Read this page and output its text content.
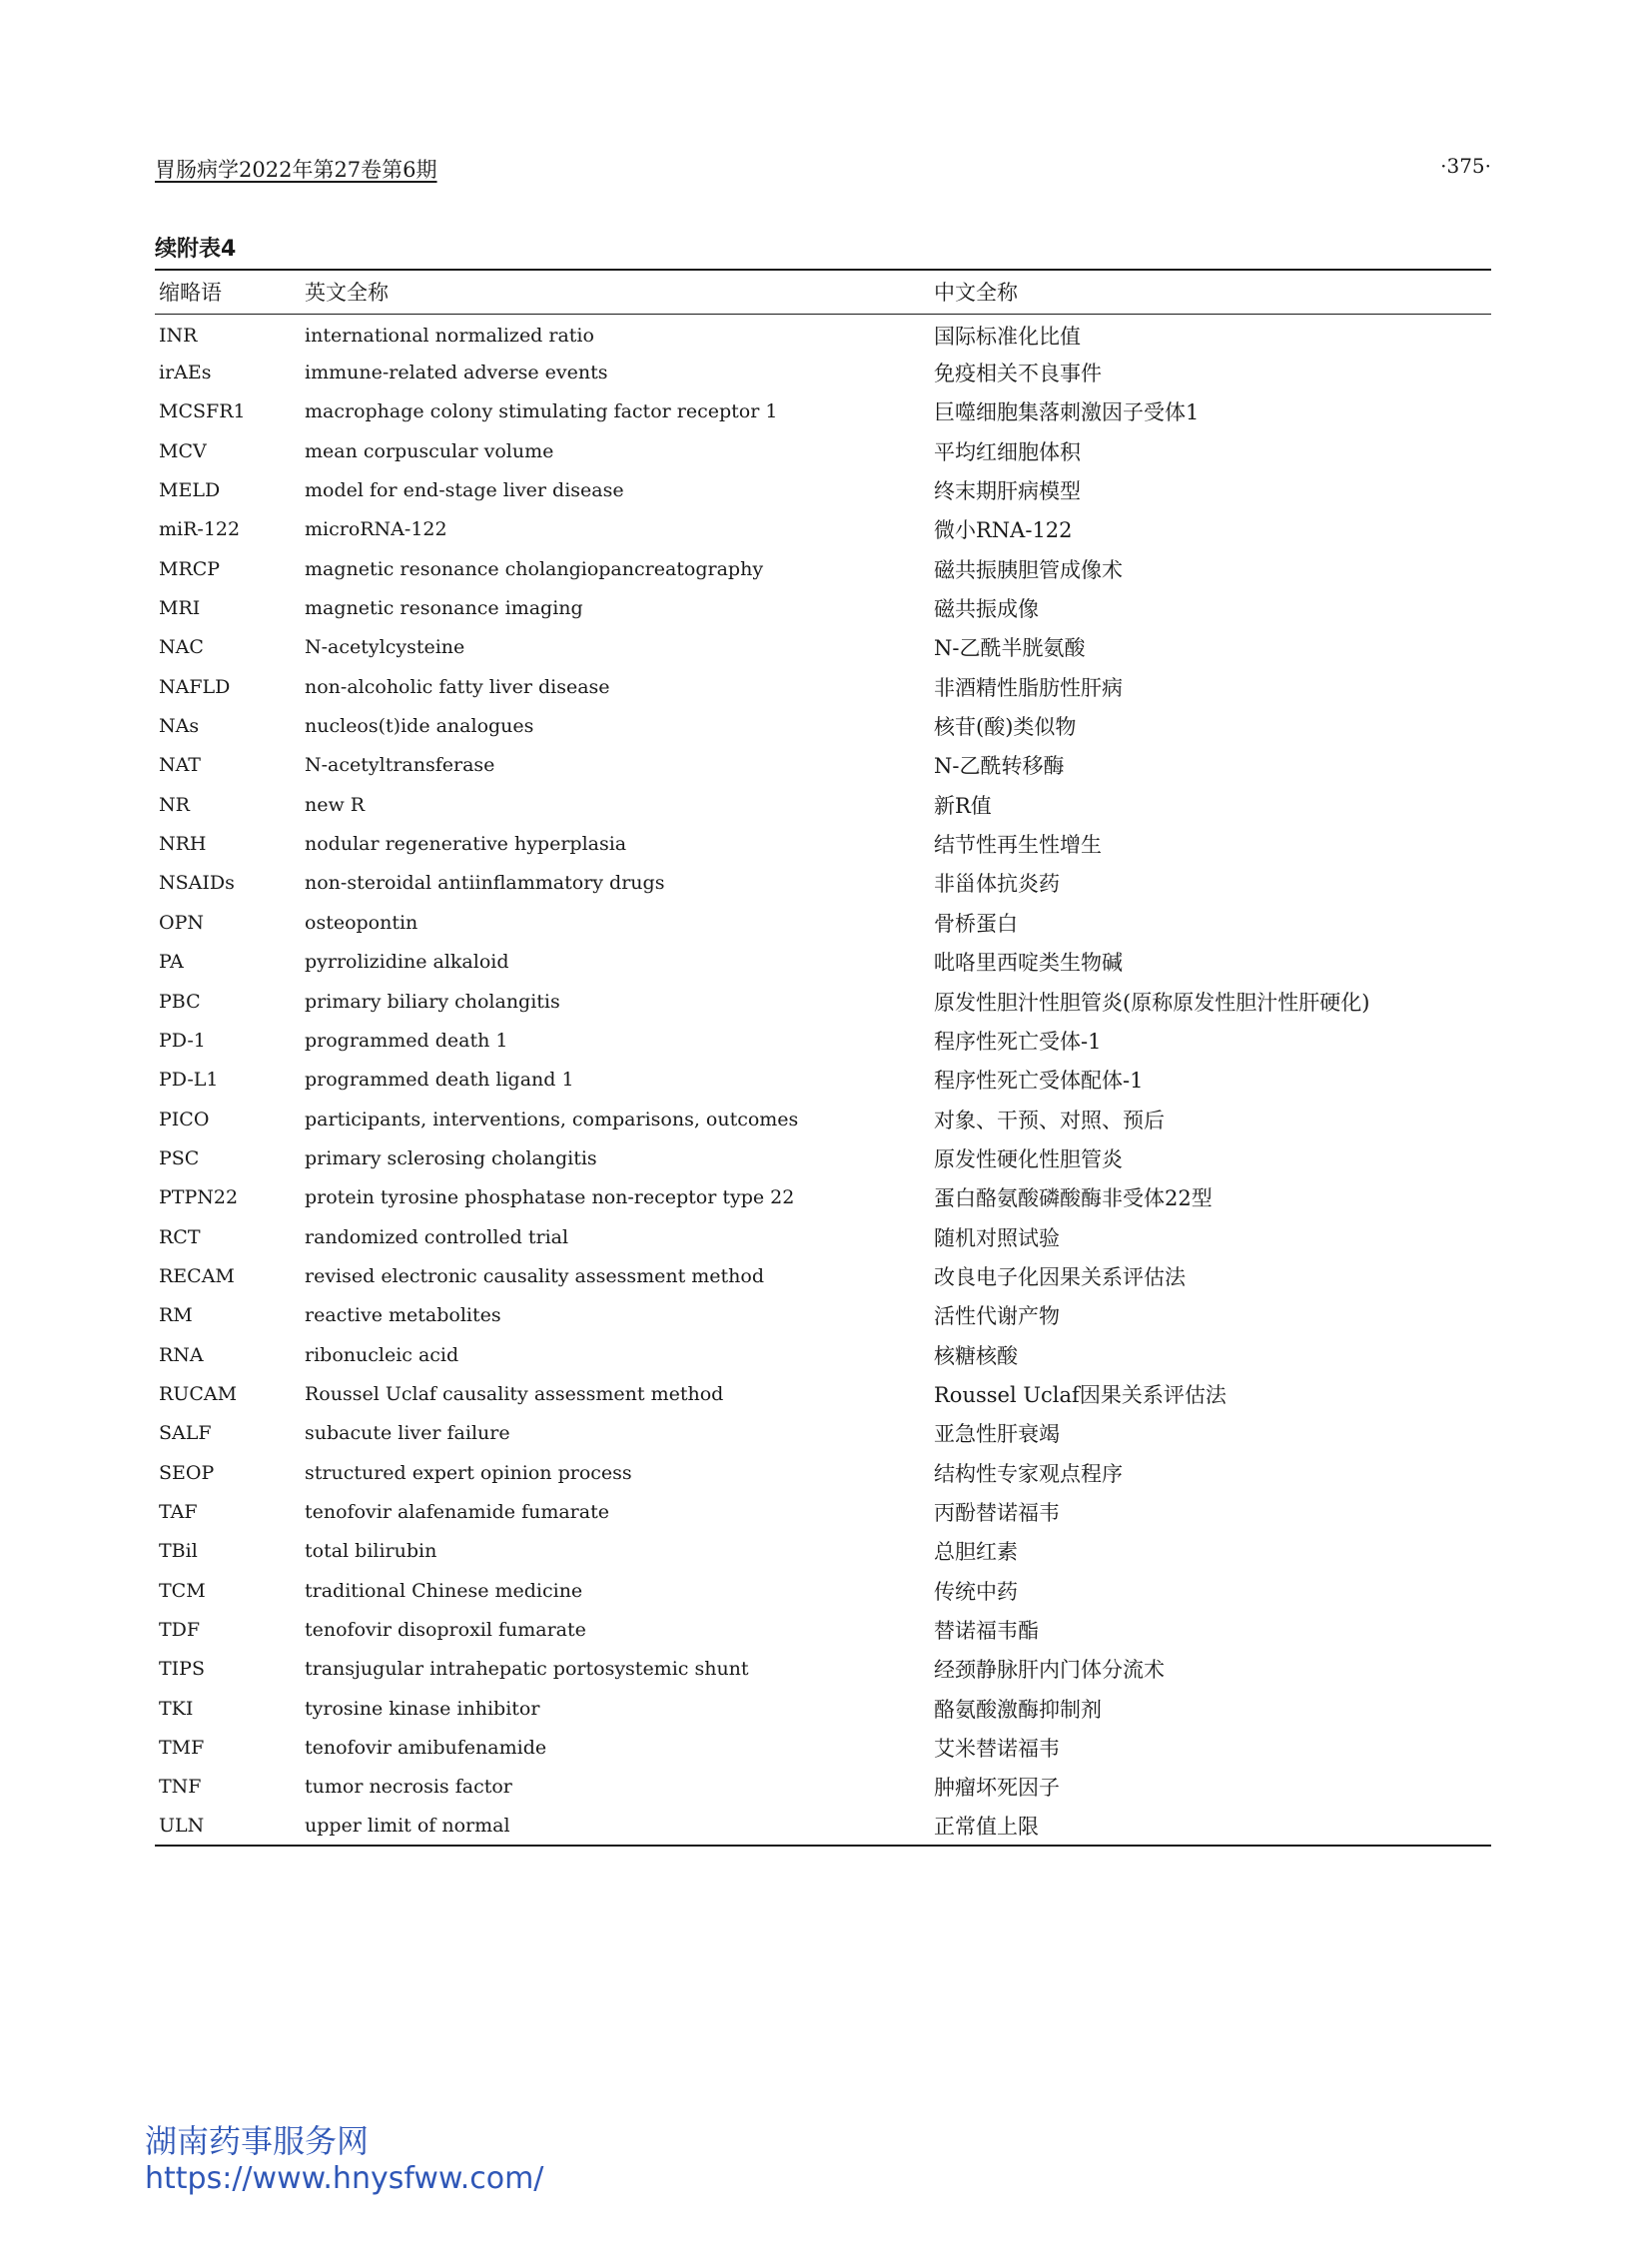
胃肠病学2022年第27卷第6期	·375·
续附表4
缩略语	英文全称	中文全称
INR	international normalized ratio	国际标准化比值
irAEs	immune-related adverse events	免疫相关不良事件
MCSFR1	macrophage colony stimulating factor receptor 1	巨噬细胞集落刺激因子受体1
MCV	mean corpuscular volume	平均红细胞体积
MELD	model for end-stage liver disease	终末期肝病模型
miR-122	microRNA-122	微小RNA-122
MRCP	magnetic resonance cholangiopancreatography	磁共振胰胆管成像术
MRI	magnetic resonance imaging	磁共振成像
NAC	N-acetylcysteine	N-乙酰半胱氨酸
NAFLD	non-alcoholic fatty liver disease	非酒精性脂肪性肝病
NAs	nucleos(t)ide analogues	核苷(酸)类似物
NAT	N-acetyltransferase	N-乙酰转移酶
NR	new R	新R值
NRH	nodular regenerative hyperplasia	结节性再生性增生
NSAIDs	non-steroidal antiinflammatory drugs	非甾体抗炎药
OPN	osteopontin	骨桥蛋白
PA	pyrrolizidine alkaloid	吡咯里西啶类生物碱
PBC	primary biliary cholangitis	原发性胆汁性胆管炎(原称原发性胆汁性肝硬化)
PD-1	programmed death 1	程序性死亡受体-1
PD-L1	programmed death ligand 1	程序性死亡受体配体-1
PICO	participants, interventions, comparisons, outcomes	对象、干预、对照、预后
PSC	primary sclerosing cholangitis	原发性硬化性胆管炎
PTPN22	protein tyrosine phosphatase non-receptor type 22	蛋白酪氨酸磷酸酶非受体22型
RCT	randomized controlled trial	随机对照试验
RECAM	revised electronic causality assessment method	改良电子化因果关系评估法
RM	reactive metabolites	活性代谢产物
RNA	ribonucleic acid	核糖核酸
RUCAM	Roussel Uclaf causality assessment method	Roussel Uclaf因果关系评估法
SALF	subacute liver failure	亚急性肝衰竭
SEOP	structured expert opinion process	结构性专家观点程序
TAF	tenofovir alafenamide fumarate	丙酚替诺福韦
TBil	total bilirubin	总胆红素
TCM	traditional Chinese medicine	传统中药
TDF	tenofovir disoproxil fumarate	替诺福韦酯
TIPS	transjugular intrahepatic portosystemic shunt	经颈静脉肝内门体分流术
TKI	tyrosine kinase inhibitor	酪氨酸激酶抑制剂
TMF	tenofovir amibufenamide	艾米替诺福韦
TNF	tumor necrosis factor	肿瘤坏死因子
ULN	upper limit of normal	正常值上限
湖南药事服务网
https://www.hnysfww.com/
